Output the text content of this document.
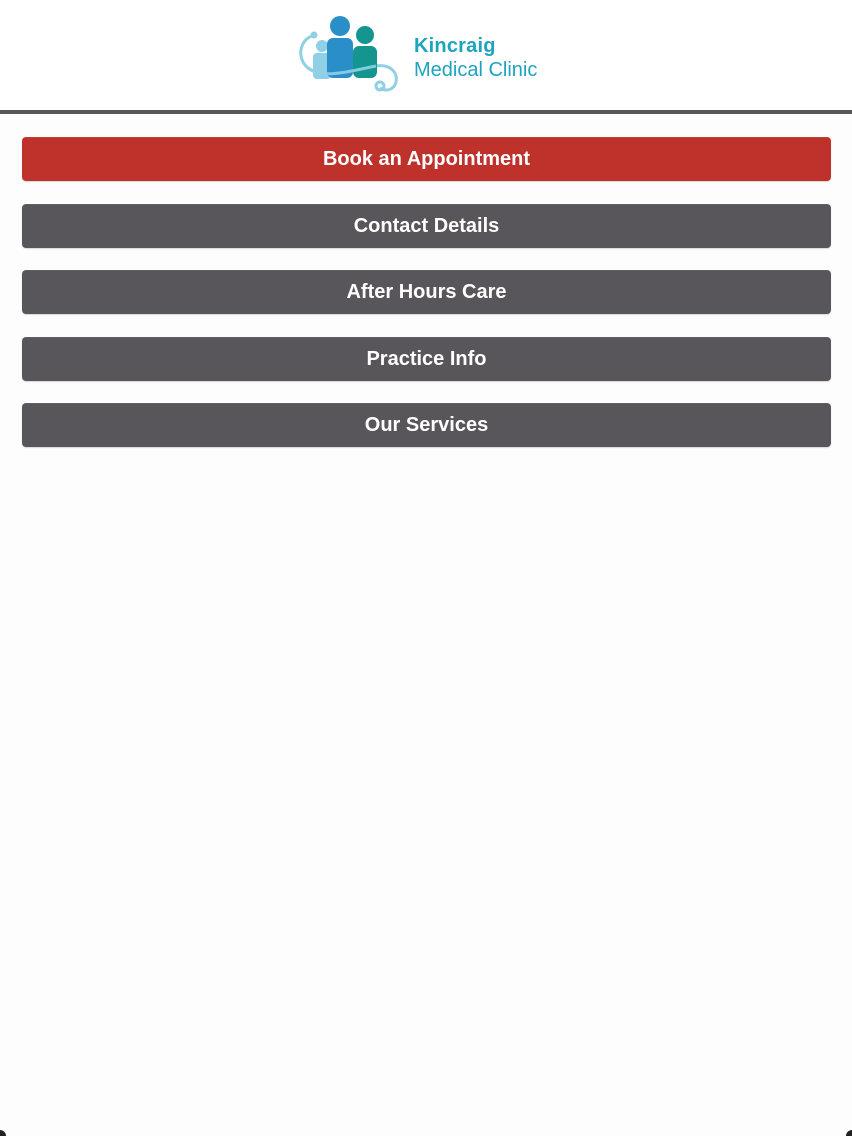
Kincraig
Medical Clinic
Book an Appointment
Contact Details
After Hours Care
Practice Info
Our Services
